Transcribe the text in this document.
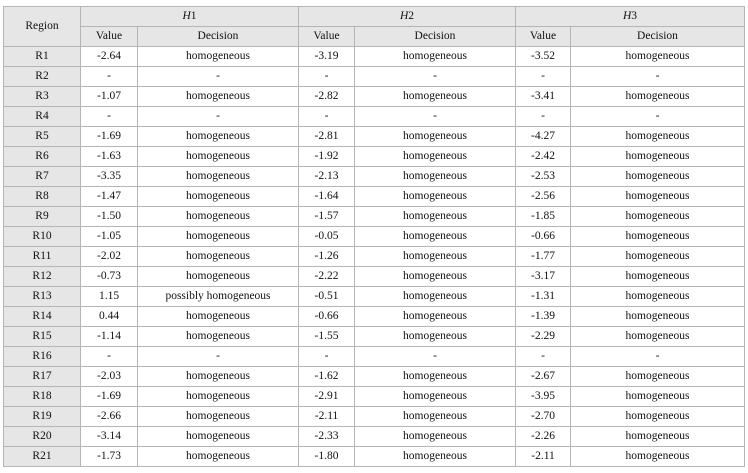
Region	H1		H2		H3	
	Value	Decision	Value	Decision	Value	Decision
R1	-2.64	homogeneous	-3.19	homogeneous	-3.52	homogeneous
R2	-	-	-	-	-	-
R3	-1.07	homogeneous	-2.82	homogeneous	-3.41	homogeneous
R4	-	-	-	-	-	-
R5	-1.69	homogeneous	-2.81	homogeneous	-4.27	homogeneous
R6	-1.63	homogeneous	-1.92	homogeneous	-2.42	homogeneous
R7	-3.35	homogeneous	-2.13	homogeneous	-2.53	homogeneous
R8	-1.47	homogeneous	-1.64	homogeneous	-2.56	homogeneous
R9	-1.50	homogeneous	-1.57	homogeneous	-1.85	homogeneous
R10	-1.05	homogeneous	-0.05	homogeneous	-0.66	homogeneous
R11	-2.02	homogeneous	-1.26	homogeneous	-1.77	homogeneous
R12	-0.73	homogeneous	-2.22	homogeneous	-3.17	homogeneous
R13	1.15	possibly homogeneous	-0.51	homogeneous	-1.31	homogeneous
R14	0.44	homogeneous	-0.66	homogeneous	-1.39	homogeneous
R15	-1.14	homogeneous	-1.55	homogeneous	-2.29	homogeneous
R16	-	-	-	-	-	-
R17	-2.03	homogeneous	-1.62	homogeneous	-2.67	homogeneous
R18	-1.69	homogeneous	-2.91	homogeneous	-3.95	homogeneous
R19	-2.66	homogeneous	-2.11	homogeneous	-2.70	homogeneous
R20	-3.14	homogeneous	-2.33	homogeneous	-2.26	homogeneous
R21	-1.73	homogeneous	-1.80	homogeneous	-2.11	homogeneous
